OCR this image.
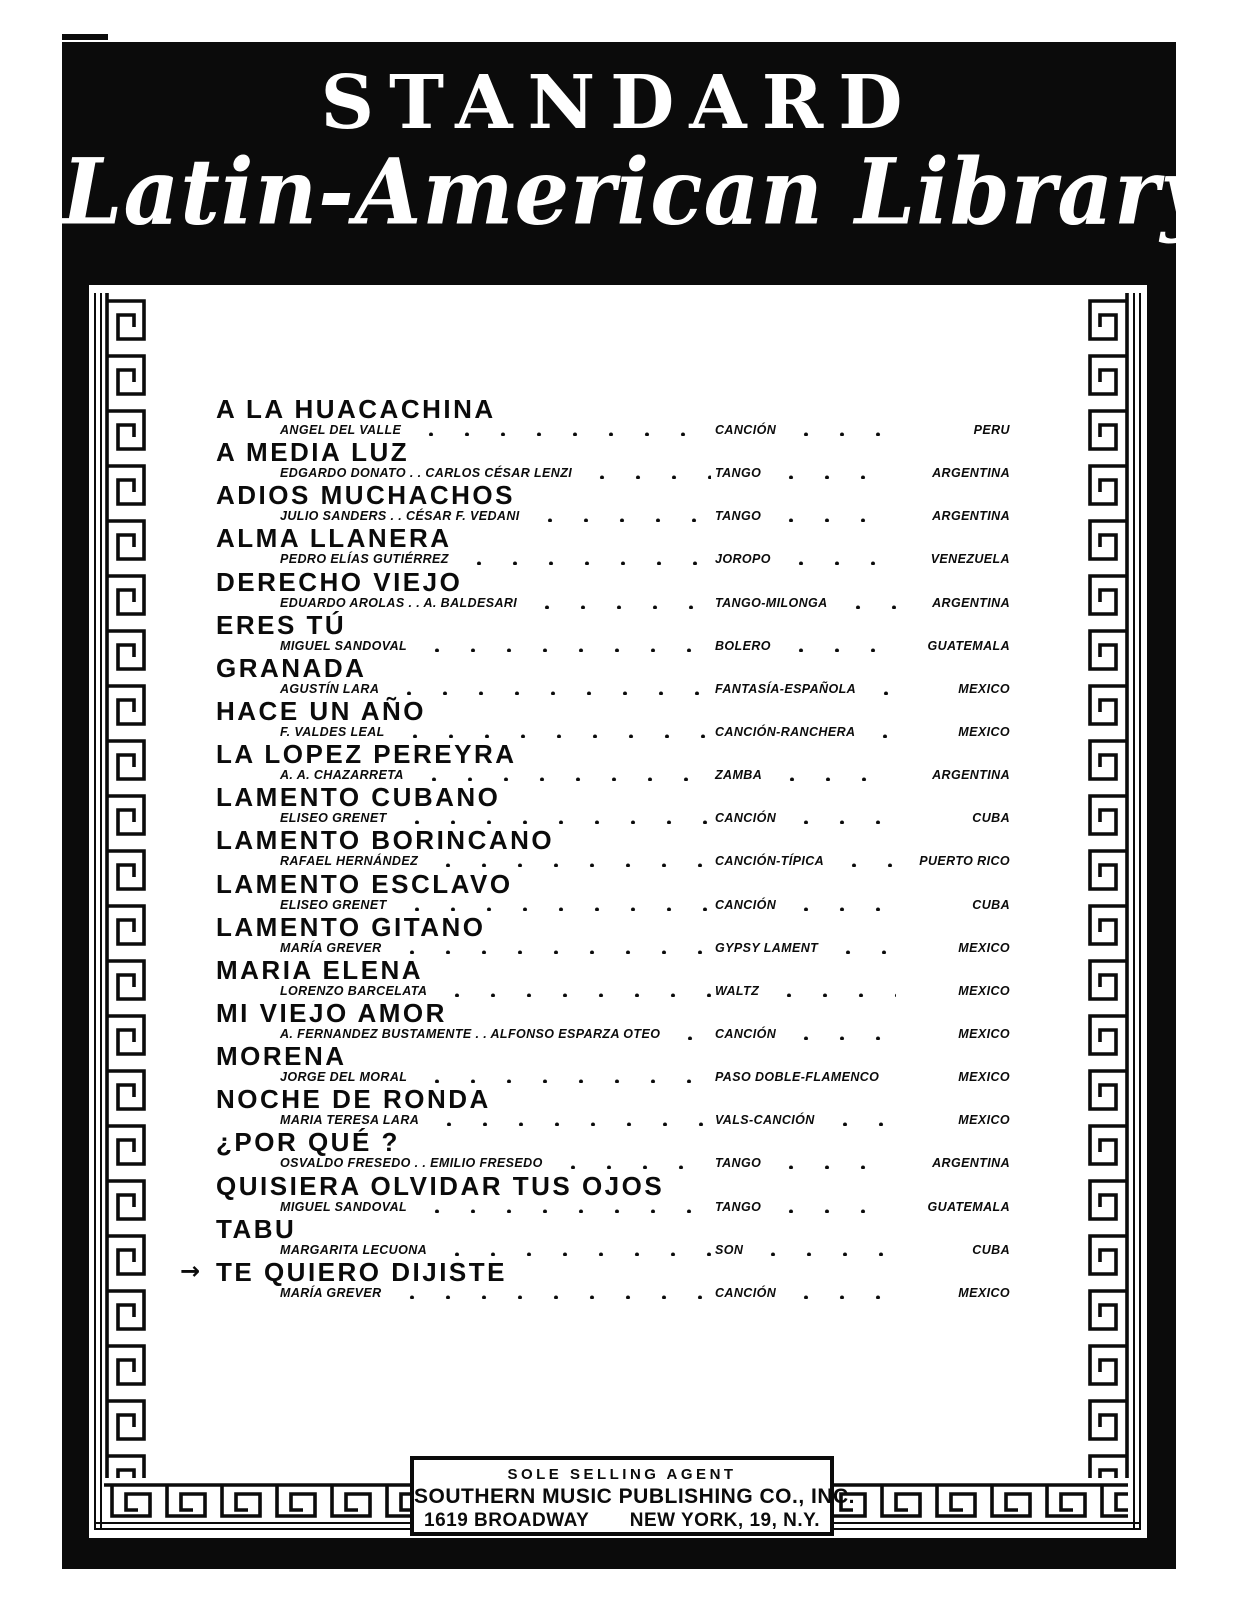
STANDARD
Latin-American Library
A LA HUACACHINA
ANGEL DEL VALLE	CANCIÓN	PERU
A MEDIA LUZ
EDGARDO DONATO . . CARLOS CÉSAR LENZI	TANGO	ARGENTINA
ADIOS MUCHACHOS
JULIO SANDERS . . CÉSAR F. VEDANI	TANGO	ARGENTINA
ALMA LLANERA
PEDRO ELÍAS GUTIÉRREZ	JOROPO	VENEZUELA
DERECHO VIEJO
EDUARDO AROLAS . . A. BALDESARI	TANGO-MILONGA	ARGENTINA
ERES TÚ
MIGUEL SANDOVAL	BOLERO	GUATEMALA
GRANADA
AGUSTÍN LARA	FANTASÍA-ESPAÑOLA	MEXICO
HACE UN AÑO
F. VALDES LEAL	CANCIÓN-RANCHERA	MEXICO
LA LOPEZ PEREYRA
A. A. CHAZARRETA	ZAMBA	ARGENTINA
LAMENTO CUBANO
ELISEO GRENET	CANCIÓN	CUBA
LAMENTO BORINCANO
RAFAEL HERNÁNDEZ	CANCIÓN-TÍPICA	PUERTO RICO
LAMENTO ESCLAVO
ELISEO GRENET	CANCIÓN	CUBA
LAMENTO GITANO
MARÍA GREVER	GYPSY LAMENT	MEXICO
MARIA ELENA
LORENZO BARCELATA	WALTZ	MEXICO
MI VIEJO AMOR
A. FERNANDEZ BUSTAMENTE . . ALFONSO ESPARZA OTEO	CANCIÓN	MEXICO
MORENA
JORGE DEL MORAL	PASO DOBLE-FLAMENCO	MEXICO
NOCHE DE RONDA
MARIA TERESA LARA	VALS-CANCIÓN	MEXICO
¿POR QUÉ ?
OSVALDO FRESEDO . . EMILIO FRESEDO	TANGO	ARGENTINA
QUISIERA OLVIDAR TUS OJOS
MIGUEL SANDOVAL	TANGO	GUATEMALA
TABU
MARGARITA LECUONA	SON	CUBA
→ TE QUIERO DIJISTE
MARÍA GREVER	CANCIÓN	MEXICO
SOLE SELLING AGENT
SOUTHERN MUSIC PUBLISHING CO., INC.
1619 BROADWAY NEW YORK, 19, N.Y.
